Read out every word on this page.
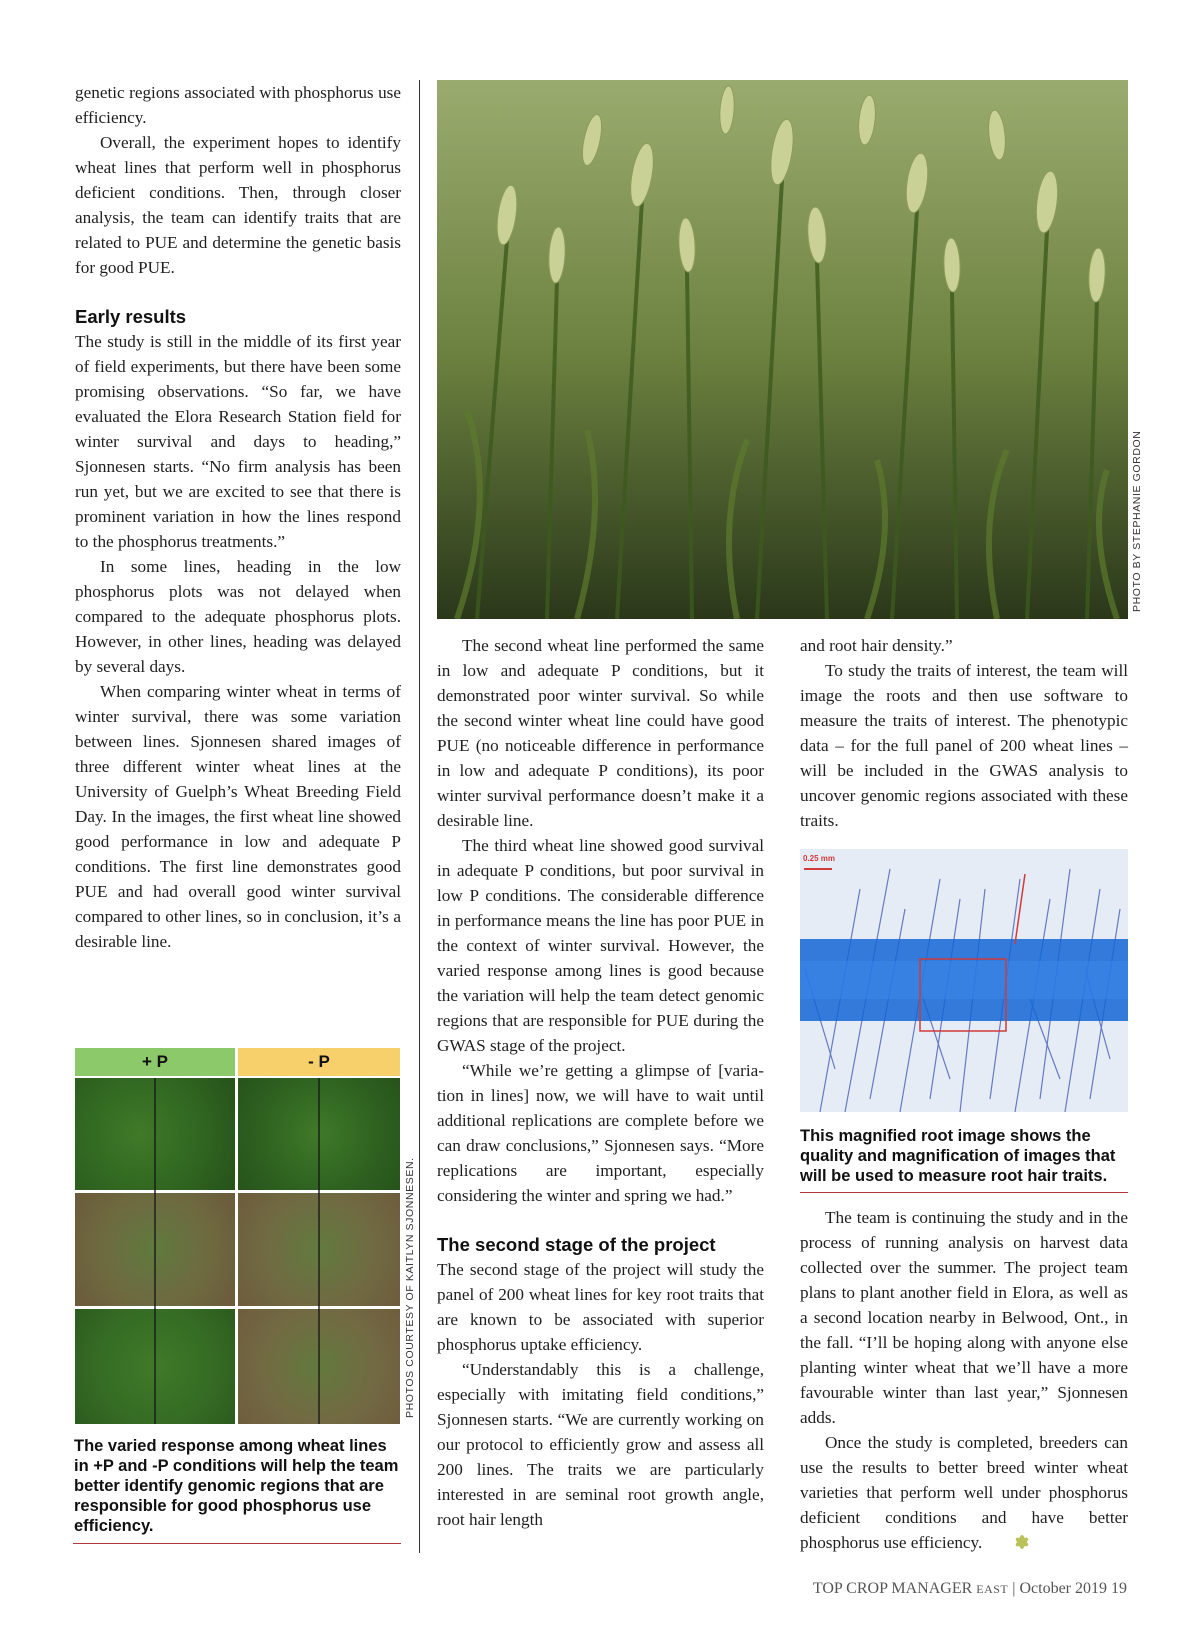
genetic regions associated with phosphorus use efficiency.

Overall, the experiment hopes to identify wheat lines that perform well in phosphorus deficient conditions. Then, through closer analysis, the team can identify traits that are related to PUE and determine the genetic basis for good PUE.

Early results

The study is still in the middle of its first year of field experiments, but there have been some promising observations. “So far, we have evaluated the Elora Research Station field for winter survival and days to heading,” Sjonnesen starts. “No firm analysis has been run yet, but we are excited to see that there is prominent variation in how the lines respond to the phosphorus treatments.”

In some lines, heading in the low phosphorus plots was not delayed when compared to the adequate phosphorus plots. However, in other lines, heading was delayed by several days.

When comparing winter wheat in terms of winter survival, there was some variation between lines. Sjonnesen shared images of three different winter wheat lines at the University of Guelph’s Wheat Breeding Field Day. In the images, the first wheat line showed good performance in low and adequate P conditions. The first line demonstrates good PUE and had overall good winter survival compared to other lines, so in conclusion, it’s a desirable line.

PHOTO BY STEPHANIE GORDON
+ P	- P
PHOTOS COURTESY OF KAITLYN SJONNESEN.
The varied response among wheat lines in +P and -P conditions will help the team better identify genomic regions that are responsible for good phosphorus use efficiency.

The second wheat line performed the same in low and adequate P conditions, but it demonstrated poor winter survival. So while the second winter wheat line could have good PUE (no noticeable difference in performance in low and adequate P conditions), its poor winter survival performance doesn’t make it a desirable line.

The third wheat line showed good survival in adequate P conditions, but poor survival in low P conditions. The considerable difference in performance means the line has poor PUE in the context of winter survival. However, the varied response among lines is good because the variation will help the team detect genomic regions that are responsible for PUE during the GWAS stage of the project.

“While we’re getting a glimpse of [variation in lines] now, we will have to wait until additional replications are complete before we can draw conclusions,” Sjonnesen says. “More replications are important, especially considering the winter and spring we had.”

The second stage of the project

The second stage of the project will study the panel of 200 wheat lines for key root traits that are known to be associated with superior phosphorus uptake efficiency.

“Understandably this is a challenge, especially with imitating field conditions,” Sjonnesen starts. “We are currently working on our protocol to efficiently grow and assess all 200 lines. The traits we are particularly interested in are seminal root growth angle, root hair length

and root hair density.”

To study the traits of interest, the team will image the roots and then use software to measure the traits of interest. The phenotypic data – for the full panel of 200 wheat lines – will be included in the GWAS analysis to uncover genomic regions associated with these traits.

0.25 mm
This magnified root image shows the quality and magnification of images that will be used to measure root hair traits.

The team is continuing the study and in the process of running analysis on harvest data collected over the summer. The project team plans to plant another field in Elora, as well as a second location nearby in Belwood, Ont., in the fall. “I’ll be hoping along with anyone else planting winter wheat that we’ll have a more favourable winter than last year,” Sjonnesen adds.

Once the study is completed, breeders can use the results to better breed winter wheat varieties that perform well under phosphorus deficient conditions and have better phosphorus use efficiency.

TOP CROP MANAGER EAST | October 2019 19
